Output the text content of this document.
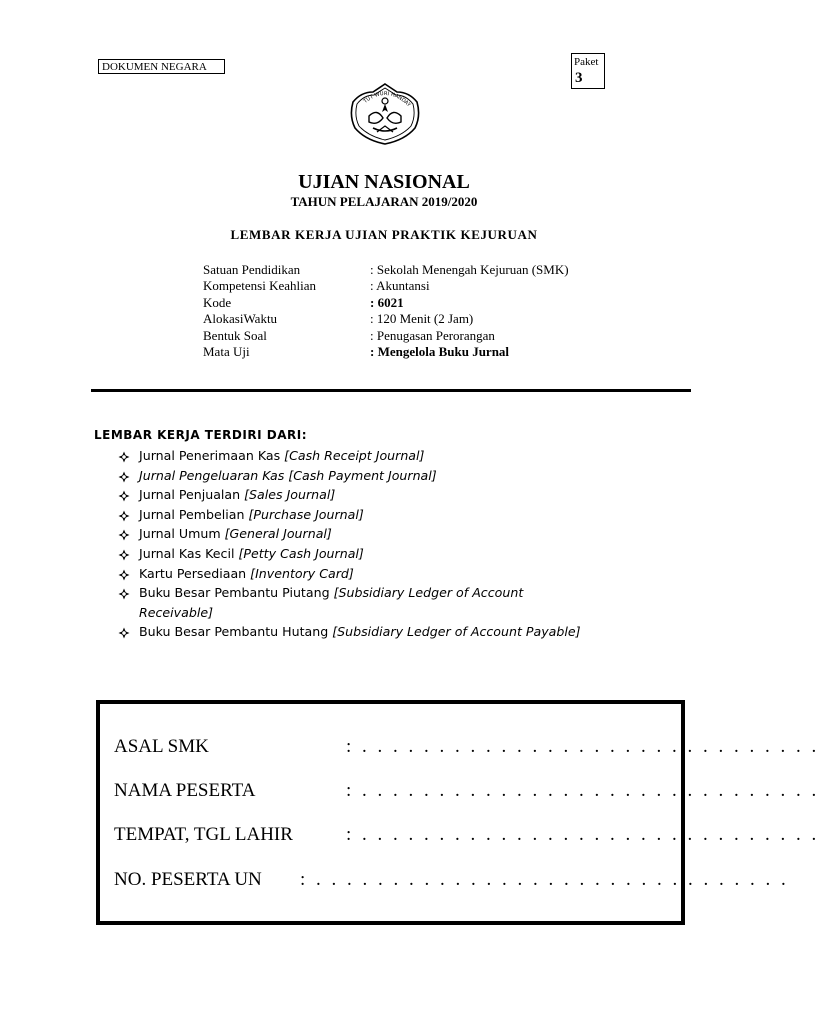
DOKUMEN NEGARA	Paket
3
TUT WURI HANDAY
UJIAN NASIONAL
TAHUN PELAJARAN 2019/2020
LEMBAR KERJA UJIAN PRAKTIK KEJURUAN
Satuan Pendidikan	: Sekolah Menengah Kejuruan (SMK)
Kompetensi Keahlian	: Akuntansi
Kode	: 6021
AlokasiWaktu	: 120 Menit (2 Jam)
Bentuk Soal	: Penugasan Perorangan
Mata Uji	: Mengelola Buku Jurnal
LEMBAR KERJA TERDIRI DARI:
Jurnal Penerimaan Kas [Cash Receipt Journal]
Jurnal Pengeluaran Kas [Cash Payment Journal]
Jurnal Penjualan [Sales Journal]
Jurnal Pembelian [Purchase Journal]
Jurnal Umum [General Journal]
Jurnal Kas Kecil [Petty Cash Journal]
Kartu Persediaan [Inventory Card]
Buku Besar Pembantu Piutang [Subsidiary Ledger of Account
Receivable]
Buku Besar Pembantu Hutang [Subsidiary Ledger of Account Payable]
ASAL SMK	: . . . . . . . . . . . . . . . . . . . . . . . . . . . . . .
NAMA PESERTA	: . . . . . . . . . . . . . . . . . . . . . . . . . . . . . .
TEMPAT, TGL LAHIR	: . . . . . . . . . . . . . . . . . . . . . . . . . . . . . .
NO. PESERTA UN : . . . . . . . . . . . . . . . . . . . . . . . . . . . . . . .
